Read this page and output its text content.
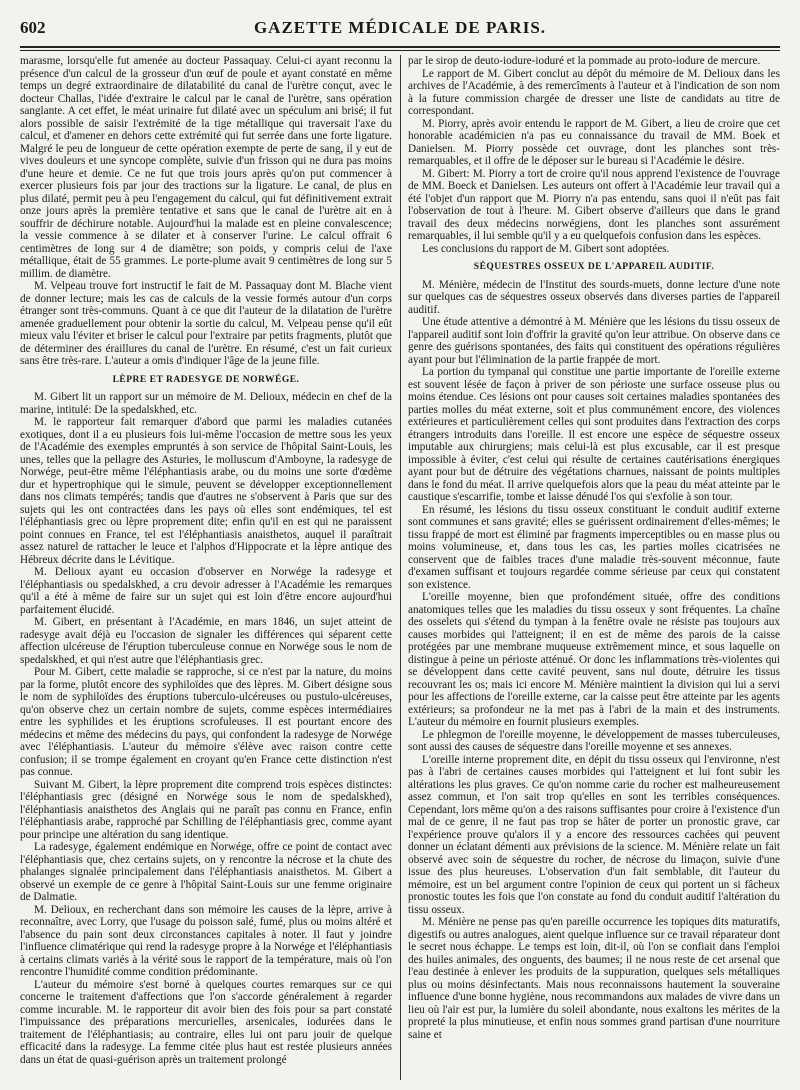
602	GAZETTE MÉDICALE DE PARIS.

marasme, lorsqu'elle fut amenée au docteur Passaquay. Celui-ci ayant reconnu la présence d'un calcul de la grosseur d'un œuf de poule et ayant constaté en même temps un degré extraordinaire de dilatabilité du canal de l'urètre conçut, avec le docteur Challas, l'idée d'extraire le calcul par le canal de l'urètre, sans opération sanglante. A cet effet, le méat urinaire fut dilaté avec un spéculum ani brisé; il fut alors possible de saisir l'extrémité de la tige métallique qui traversait l'axe du calcul, et d'amener en dehors cette extrémité qui fut serrée dans une forte ligature. Malgré le peu de longueur de cette opération exempte de perte de sang, il y eut de vives douleurs et une syncope complète, suivie d'un frisson qui ne dura pas moins d'une heure et demie. Ce ne fut que trois jours après qu'on put commencer à exercer plusieurs fois par jour des tractions sur la ligature. Le canal, de plus en plus dilaté, permit peu à peu l'engagement du calcul, qui fut définitivement extrait onze jours après la première tentative et sans que le canal de l'urètre ait en à souffrir de déchirure notable. Aujourd'hui la malade est en pleine convalescence; la vessie commence à se dilater et à conserver l'urine. Le calcul offrait 6 centimètres de long sur 4 de diamètre; son poids, y compris celui de l'axe métallique, était de 55 grammes. Le porte-plume avait 9 centimètres de long sur 5 millim. de diamètre.

M. Velpeau trouve fort instructif le fait de M. Passaquay dont M. Blache vient de donner lecture; mais les cas de calculs de la vessie formés autour d'un corps étranger sont très-communs. Quant à ce que dit l'auteur de la dilatation de l'urètre amenée graduellement pour obtenir la sortie du calcul, M. Velpeau pense qu'il eût mieux valu l'éviter et briser le calcul pour l'extraire par petits fragments, plutôt que de déterminer des éraillures du canal de l'urètre. En résumé, c'est un fait curieux sans être très-rare. L'auteur a omis d'indiquer l'âge de la jeune fille.

LÈPRE ET RADESYGE DE NORWÉGE.

M. Gibert lit un rapport sur un mémoire de M. Delioux, médecin en chef de la marine, intitulé: De la spedalskhed, etc.

M. le rapporteur fait remarquer d'abord que parmi les maladies cutanées exotiques, dont il a eu plusieurs fois lui-même l'occasion de mettre sous les yeux de l'Académie des exemples empruntés à son service de l'hôpital Saint-Louis, les unes, telles que la pellagre des Asturies, le molluscum d'Amboyne, la radesyge de Norwége, peut-être même l'éléphantiasis arabe, ou du moins une sorte d'œdème dur et hypertrophique qui le simule, peuvent se développer exceptionnellement dans nos climats tempérés; tandis que d'autres ne s'observent à Paris que sur des sujets qui les ont contractées dans les pays où elles sont endémiques, tel est l'éléphantiasis grec ou lèpre proprement dite; enfin qu'il en est qui ne paraissent point connues en France, tel est l'éléphantiasis anaisthetos, auquel il paraîtrait assez naturel de rattacher le leuce et l'alphos d'Hippocrate et la lèpre antique des Hébreux décrite dans le Lévitique.

M. Delioux ayant eu occasion d'observer en Norwége la radesyge et l'éléphantiasis ou spedalskhed, a cru devoir adresser à l'Académie les remarques qu'il a été à même de faire sur un sujet qui est loin d'être encore aujourd'hui parfaitement élucidé.

M. Gibert, en présentant à l'Académie, en mars 1846, un sujet atteint de radesyge avait déjà eu l'occasion de signaler les différences qui séparent cette affection ulcéreuse de l'éruption tuberculeuse connue en Norwége sous le nom de spedalskhed, et qui n'est autre que l'éléphantiasis grec.

Pour M. Gibert, cette maladie se rapproche, si ce n'est par la nature, du moins par la forme, plutôt encore des syphiloïdes que des lèpres. M. Gibert désigne sous le nom de syphiloïdes des éruptions tuberculo-ulcéreuses ou pustulo-ulcéreuses, qu'on observe chez un certain nombre de sujets, comme espèces intermédiaires entre les syphilides et les éruptions scrofuleuses. Il est pourtant encore des médecins et même des médecins du pays, qui confondent la radesyge de Norwége avec l'éléphantiasis. L'auteur du mémoire s'élève avec raison contre cette confusion; il se trompe également en croyant qu'en France cette distinction n'est pas connue.

Suivant M. Gibert, la lèpre proprement dite comprend trois espèces distinctes: l'éléphantiasis grec (désigné en Norwége sous le nom de spedalskhed), l'éléphantiasis anaisthetos des Anglais qui ne paraît pas connu en France, enfin l'éléphantiasis arabe, rapproché par Schilling de l'éléphantiasis grec, comme ayant pour principe une altération du sang identique.

La radesyge, également endémique en Norwége, offre ce point de contact avec l'éléphantiasis que, chez certains sujets, on y rencontre la nécrose et la chute des phalanges signalée principalement dans l'éléphantiasis anaisthetos. M. Gibert a observé un exemple de ce genre à l'hôpital Saint-Louis sur une femme originaire de Dalmatie.

M. Delioux, en recherchant dans son mémoire les causes de la lèpre, arrive à reconnaître, avec Lorry, que l'usage du poisson salé, fumé, plus ou moins altéré et l'absence du pain sont deux circonstances capitales à noter. Il faut y joindre l'influence climatérique qui rend la radesyge propre à la Norwége et l'éléphantiasis à certains climats variés à la vérité sous le rapport de la température, mais où l'on rencontre l'humidité comme condition prédominante.

L'auteur du mémoire s'est borné à quelques courtes remarques sur ce qui concerne le traitement d'affections que l'on s'accorde généralement à regarder comme incurable. M. le rapporteur dit avoir bien des fois pour sa part constaté l'impuissance des préparations mercurielles, arsenicales, iodurées dans le traitement de l'éléphantiasis; au contraire, elles lui ont paru jouir de quelque efficacité dans la radesyge. La femme citée plus haut est restée plusieurs années dans un état de quasi-guérison après un traitement prolongé

par le sirop de deuto-iodure-ioduré et la pommade au proto-iodure de mercure.

Le rapport de M. Gibert conclut au dépôt du mémoire de M. Delioux dans les archives de l'Académie, à des remercîments à l'auteur et à l'indication de son nom à la future commission chargée de dresser une liste de candidats au titre de correspondant.

M. Piorry, après avoir entendu le rapport de M. Gibert, a lieu de croire que cet honorable académicien n'a pas eu connaissance du travail de MM. Boek et Danielsen. M. Piorry possède cet ouvrage, dont les planches sont très-remarquables, et il offre de le déposer sur le bureau si l'Académie le désire.

M. Gibert: M. Piorry a tort de croire qu'il nous apprend l'existence de l'ouvrage de MM. Boeck et Danielsen. Les auteurs ont offert à l'Académie leur travail qui a été l'objet d'un rapport que M. Piorry n'a pas entendu, sans quoi il n'eût pas fait l'observation de tout à l'heure. M. Gibert observe d'ailleurs que dans le grand travail des deux médecins norwégiens, dont les planches sont assurément remarquables, il lui semble qu'il y a eu quelquefois confusion dans les espèces.

Les conclusions du rapport de M. Gibert sont adoptées.

SÉQUESTRES OSSEUX DE L'APPAREIL AUDITIF.

M. Ménière, médecin de l'Institut des sourds-muets, donne lecture d'une note sur quelques cas de séquestres osseux observés dans diverses parties de l'appareil auditif.

Une étude attentive a démontré à M. Ménière que les lésions du tissu osseux de l'appareil auditif sont loin d'offrir la gravité qu'on leur attribue. On observe dans ce genre des guérisons spontanées, des faits qui constituent des opérations régulières ayant pour but l'élimination de la partie frappée de mort.

La portion du tympanal qui constitue une partie importante de l'oreille externe est souvent lésée de façon à priver de son périoste une surface osseuse plus ou moins étendue. Ces lésions ont pour causes soit certaines maladies spontanées des parties molles du méat externe, soit et plus communément encore, des violences extérieures et particulièrement celles qui sont produites dans l'extraction des corps étrangers introduits dans l'oreille. Il est encore une espèce de séquestre osseux imputable aux chirurgiens; mais celui-là est plus excusable, car il est presque impossible à éviter, c'est celui qui résulte de certaines cautérisations énergiques ayant pour but de détruire des végétations charnues, naissant de points multiples dans le fond du méat. Il arrive quelquefois alors que la peau du méat atteinte par le caustique s'escarrifie, tombe et laisse dénudé l'os qui s'exfolie à son tour.

En résumé, les lésions du tissu osseux constituant le conduit auditif externe sont communes et sans gravité; elles se guérissent ordinairement d'elles-mêmes; le tissu frappé de mort est éliminé par fragments imperceptibles ou en masse plus ou moins volumineuse, et, dans tous les cas, les parties molles cicatrisées ne conservent que de faibles traces d'une maladie très-souvent méconnue, faute d'examen suffisant et toujours regardée comme sérieuse par ceux qui constatent son existence.

L'oreille moyenne, bien que profondément située, offre des conditions anatomiques telles que les maladies du tissu osseux y sont fréquentes. La chaîne des osselets qui s'étend du tympan à la fenêtre ovale ne résiste pas toujours aux causes morbides qui l'atteignent; il en est de même des parois de la caisse protégées par une membrane muqueuse extrêmement mince, et sous laquelle on distingue à peine un périoste atténué. Or donc les inflammations très-violentes qui se développent dans cette cavité peuvent, sans nul doute, détruire les tissus recouvrant les os; mais ici encore M. Ménière maintient la division qui lui a servi pour les affections de l'oreille externe, car la caisse peut être atteinte par les agents extérieurs; sa profondeur ne la met pas à l'abri de la main et des instruments. L'auteur du mémoire en fournit plusieurs exemples.

Le phlegmon de l'oreille moyenne, le développement de masses tuberculeuses, sont aussi des causes de séquestre dans l'oreille moyenne et ses annexes.

L'oreille interne proprement dite, en dépit du tissu osseux qui l'environne, n'est pas à l'abri de certaines causes morbides qui l'atteignent et lui font subir les altérations les plus graves. Ce qu'on nomme carie du rocher est malheureusement assez commun, et l'on sait trop qu'elles en sont les terribles conséquences. Cependant, lors même qu'on a des raisons suffisantes pour croire à l'existence d'un mal de ce genre, il ne faut pas trop se hâter de porter un pronostic grave, car l'expérience prouve qu'alors il y a encore des ressources cachées qui peuvent donner un éclatant démenti aux prévisions de la science. M. Ménière relate un fait observé avec soin de séquestre du rocher, de nécrose du limaçon, suivie d'une issue des plus heureuses. L'observation d'un fait semblable, dit l'auteur du mémoire, est un bel argument contre l'opinion de ceux qui portent un si fâcheux pronostic toutes les fois que l'on constate au fond du conduit auditif l'altération du tissu osseux.

M. Ménière ne pense pas qu'en pareille occurrence les topiques dits maturatifs, digestifs ou autres analogues, aient quelque influence sur ce travail réparateur dont le secret nous échappe. Le temps est loin, dit-il, où l'on se confiait dans l'emploi des huiles animales, des onguents, des baumes; il ne nous reste de cet arsenal que l'eau destinée à enlever les produits de la suppuration, quelques sels métalliques plus ou moins désinfectants. Mais nous reconnaissons hautement la souveraine influence d'une bonne hygiène, nous recommandons aux malades de vivre dans un lieu où l'air est pur, la lumière du soleil abondante, nous exaltons les mérites de la propreté la plus minutieuse, et enfin nous sommes grand partisan d'une nourriture saine et
